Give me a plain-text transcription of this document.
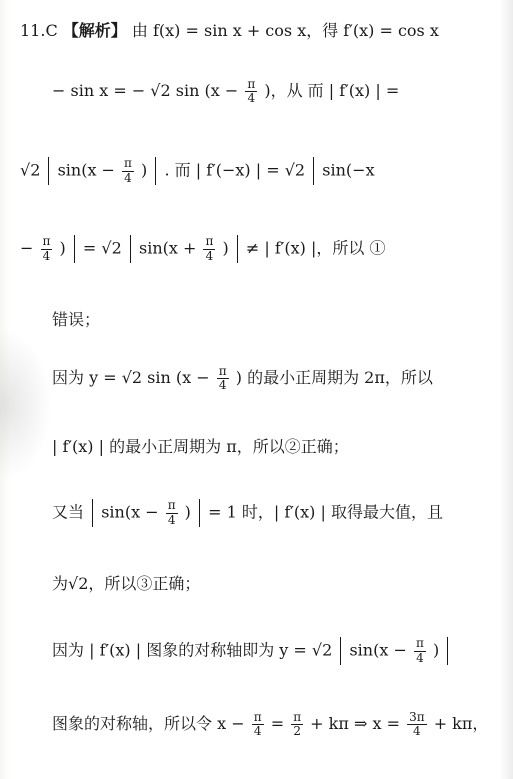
11.C 【解析】 由 f(x) = sin x + cos x，得 f′(x) = cos x
− sin x = − √2 $\sin (x - \frac{\pi}{4}$ )，从 而 | f′(x) | =
√2 $\sin(x - \frac{\pi}{4}$ ) . 而 | f′(−x) | = √2 sin(−x
− $\frac{\pi}{4}$ ) = √2 $\sin(x + \frac{\pi}{4}$ ) ≠ | f′(x) |，所以 ①
错误；
因为 y = √2 $\sin (x - \frac{\pi}{4}$ ) 的最小正周期为 2π，所以
| f′(x) | 的最小正周期为 π，所以②正确；
又当 $\sin(x - \frac{\pi}{4}$ ) = 1 时，| f′(x) | 取得最大值，且
为√2，所以③正确；
因为 | f′(x) | 图象的对称轴即为 y = √2 $\sin(x - \frac{\pi}{4}$ )
图象的对称轴，所以令 $x - \frac{\pi}{4} = \frac{\pi}{2} + k\pi$ ⇒ $x = \frac{3\pi}{4} + k\pi$，
